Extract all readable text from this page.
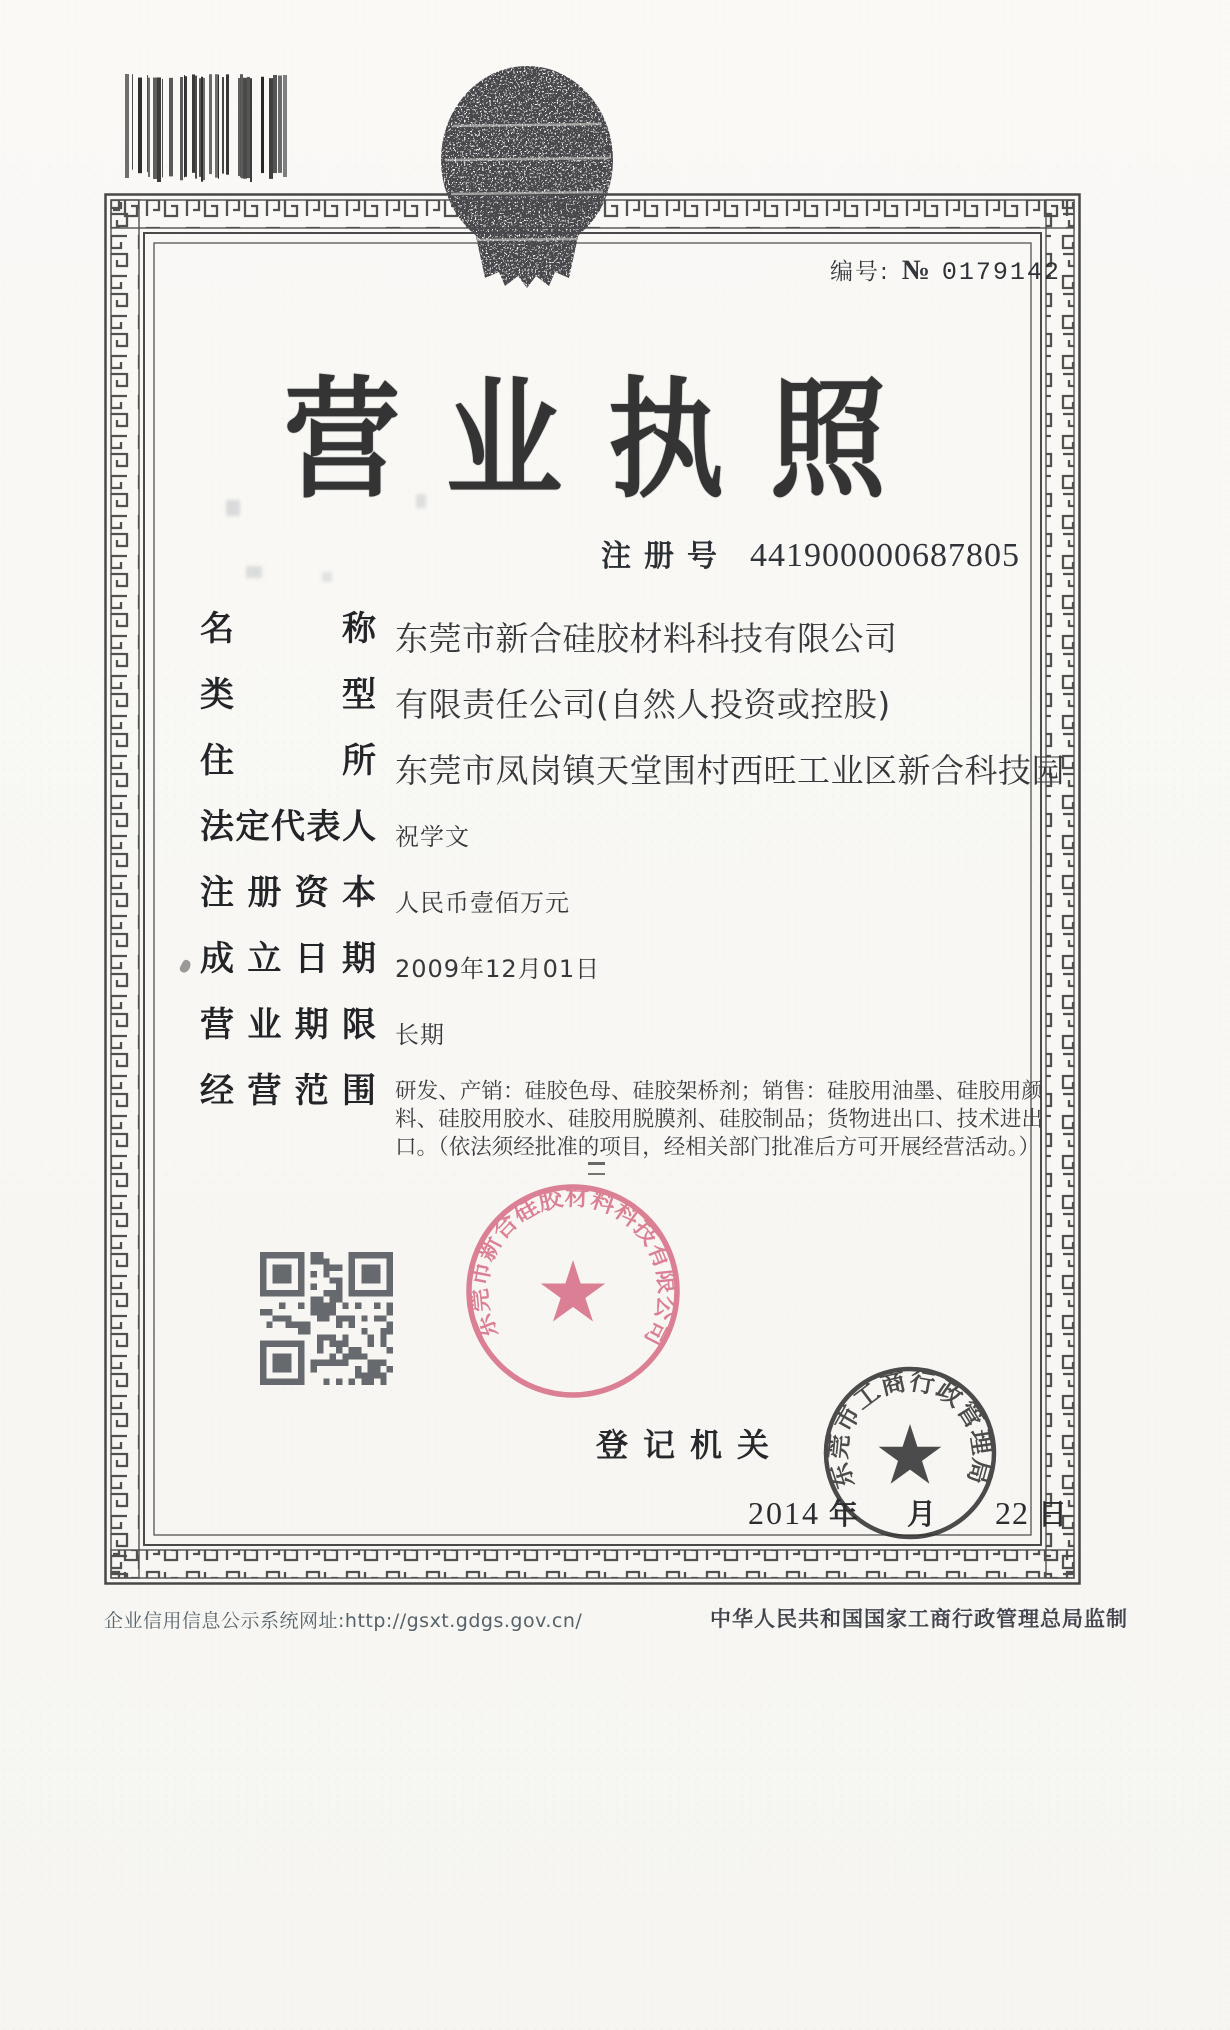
编号: № 0179142
营业执照
注册号 441900000687805
名称 东莞市新合硅胶材料科技有限公司
类型 有限责任公司(自然人投资或控股)
住所 东莞市凤岗镇天堂围村西旺工业区新合科技园
法定代表人 祝学文
注册资本 人民币壹佰万元
成立日期 2009年12月01日
营业期限 长期
经营范围 研发、产销：硅胶色母、硅胶架桥剂；销售：硅胶用油墨、硅胶用颜料、硅胶用胶水、硅胶用脱膜剂、硅胶制品；货物进出口、技术进出口。（依法须经批准的项目，经相关部门批准后方可开展经营活动。）
东莞市新合硅胶材料科技有限公司
登记机关
2014 年 月 22 日
东莞市工商行政管理局
企业信用信息公示系统网址:http://gsxt.gdgs.gov.cn/	中华人民共和国国家工商行政管理总局监制
